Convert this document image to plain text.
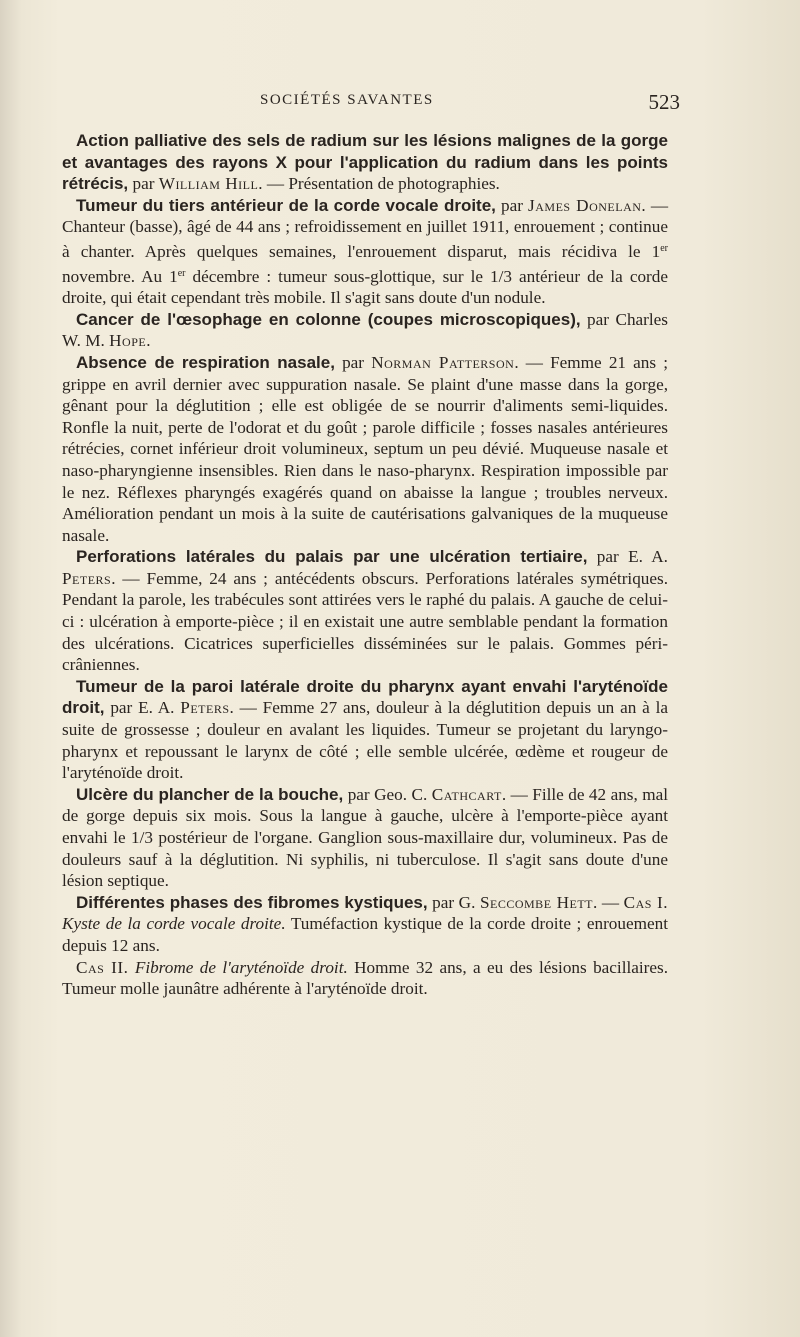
SOCIÉTÉS SAVANTES	523

Action palliative des sels de radium sur les lésions malignes de la gorge et avantages des rayons X pour l'application du radium dans les points rétrécis, par William Hill. — Présentation de photographies.

Tumeur du tiers antérieur de la corde vocale droite, par James Donelan. — Chanteur (basse), âgé de 44 ans ; refroidissement en juillet 1911, enrouement ; continue à chanter. Après quelques semaines, l'enrouement disparut, mais récidiva le 1er novembre. Au 1er décembre : tumeur sous-glottique, sur le 1/3 antérieur de la corde droite, qui était cependant très mobile. Il s'agit sans doute d'un nodule.

Cancer de l'œsophage en colonne (coupes microscopiques), par Charles W. M. Hope.

Absence de respiration nasale, par Norman Patterson. — Femme 21 ans ; grippe en avril dernier avec suppuration nasale. Se plaint d'une masse dans la gorge, gênant pour la déglutition ; elle est obligée de se nourrir d'aliments semi-liquides. Ronfle la nuit, perte de l'odorat et du goût ; parole difficile ; fosses nasales antérieures rétrécies, cornet inférieur droit volumineux, septum un peu dévié. Muqueuse nasale et naso-pharyngienne insensibles. Rien dans le naso-pharynx. Respiration impossible par le nez. Réflexes pharyngés exagérés quand on abaisse la langue ; troubles nerveux. Amélioration pendant un mois à la suite de cautérisations galvaniques de la muqueuse nasale.

Perforations latérales du palais par une ulcération tertiaire, par E. A. Peters. — Femme, 24 ans ; antécédents obscurs. Perforations latérales symétriques. Pendant la parole, les trabécules sont attirées vers le raphé du palais. A gauche de celui-ci : ulcération à emporte-pièce ; il en existait une autre semblable pendant la formation des ulcérations. Cicatrices superficielles disséminées sur le palais. Gommes péri-crâniennes.

Tumeur de la paroi latérale droite du pharynx ayant envahi l'aryténoïde droit, par E. A. Peters. — Femme 27 ans, douleur à la déglutition depuis un an à la suite de grossesse ; douleur en avalant les liquides. Tumeur se projetant du laryngo-pharynx et repoussant le larynx de côté ; elle semble ulcérée, œdème et rougeur de l'aryténoïde droit.

Ulcère du plancher de la bouche, par Geo. C. Cathcart. — Fille de 42 ans, mal de gorge depuis six mois. Sous la langue à gauche, ulcère à l'emporte-pièce ayant envahi le 1/3 postérieur de l'organe. Ganglion sous-maxillaire dur, volumineux. Pas de douleurs sauf à la déglutition. Ni syphilis, ni tuberculose. Il s'agit sans doute d'une lésion septique.

Différentes phases des fibromes kystiques, par G. Seccombe Hett. — Cas I. Kyste de la corde vocale droite. Tuméfaction kystique de la corde droite ; enrouement depuis 12 ans.

Cas II. Fibrome de l'aryténoïde droit. Homme 32 ans, a eu des lésions bacillaires. Tumeur molle jaunâtre adhérente à l'aryténoïde droit.
